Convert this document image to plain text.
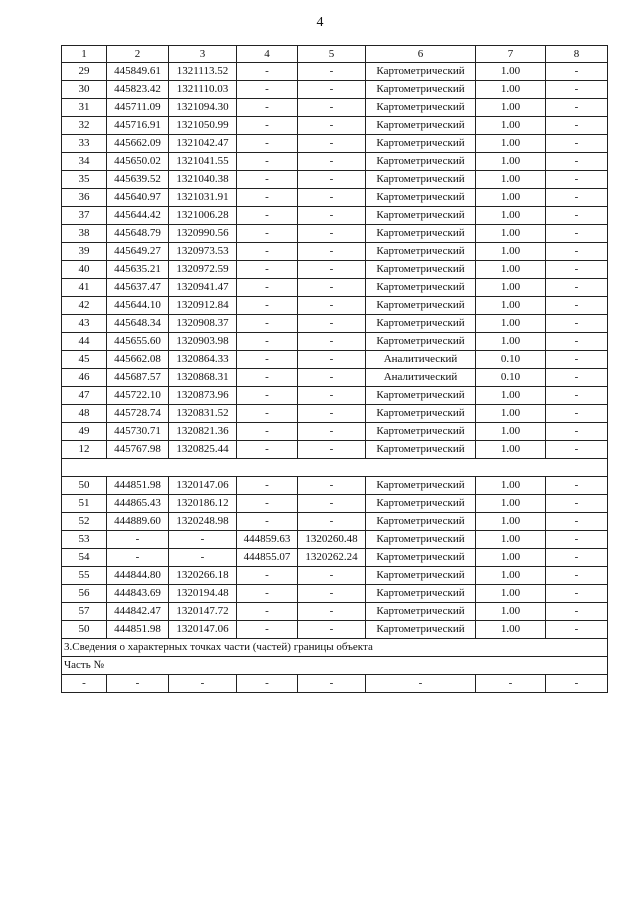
4
1	2	3	4	5	6	7	8
29	445849.61	1321113.52	-	-	Картометрический	1.00	-
30	445823.42	1321110.03	-	-	Картометрический	1.00	-
31	445711.09	1321094.30	-	-	Картометрический	1.00	-
32	445716.91	1321050.99	-	-	Картометрический	1.00	-
33	445662.09	1321042.47	-	-	Картометрический	1.00	-
34	445650.02	1321041.55	-	-	Картометрический	1.00	-
35	445639.52	1321040.38	-	-	Картометрический	1.00	-
36	445640.97	1321031.91	-	-	Картометрический	1.00	-
37	445644.42	1321006.28	-	-	Картометрический	1.00	-
38	445648.79	1320990.56	-	-	Картометрический	1.00	-
39	445649.27	1320973.53	-	-	Картометрический	1.00	-
40	445635.21	1320972.59	-	-	Картометрический	1.00	-
41	445637.47	1320941.47	-	-	Картометрический	1.00	-
42	445644.10	1320912.84	-	-	Картометрический	1.00	-
43	445648.34	1320908.37	-	-	Картометрический	1.00	-
44	445655.60	1320903.98	-	-	Картометрический	1.00	-
45	445662.08	1320864.33	-	-	Аналитический	0.10	-
46	445687.57	1320868.31	-	-	Аналитический	0.10	-
47	445722.10	1320873.96	-	-	Картометрический	1.00	-
48	445728.74	1320831.52	-	-	Картометрический	1.00	-
49	445730.71	1320821.36	-	-	Картометрический	1.00	-
12	445767.98	1320825.44	-	-	Картометрический	1.00	-

50	444851.98	1320147.06	-	-	Картометрический	1.00	-
51	444865.43	1320186.12	-	-	Картометрический	1.00	-
52	444889.60	1320248.98	-	-	Картометрический	1.00	-
53	-	-	444859.63	1320260.48	Картометрический	1.00	-
54	-	-	444855.07	1320262.24	Картометрический	1.00	-
55	444844.80	1320266.18	-	-	Картометрический	1.00	-
56	444843.69	1320194.48	-	-	Картометрический	1.00	-
57	444842.47	1320147.72	-	-	Картометрический	1.00	-
50	444851.98	1320147.06	-	-	Картометрический	1.00	-
3.Сведения о характерных точках части (частей) границы объекта							
Часть №							
-	-	-	-	-	-	-	-
